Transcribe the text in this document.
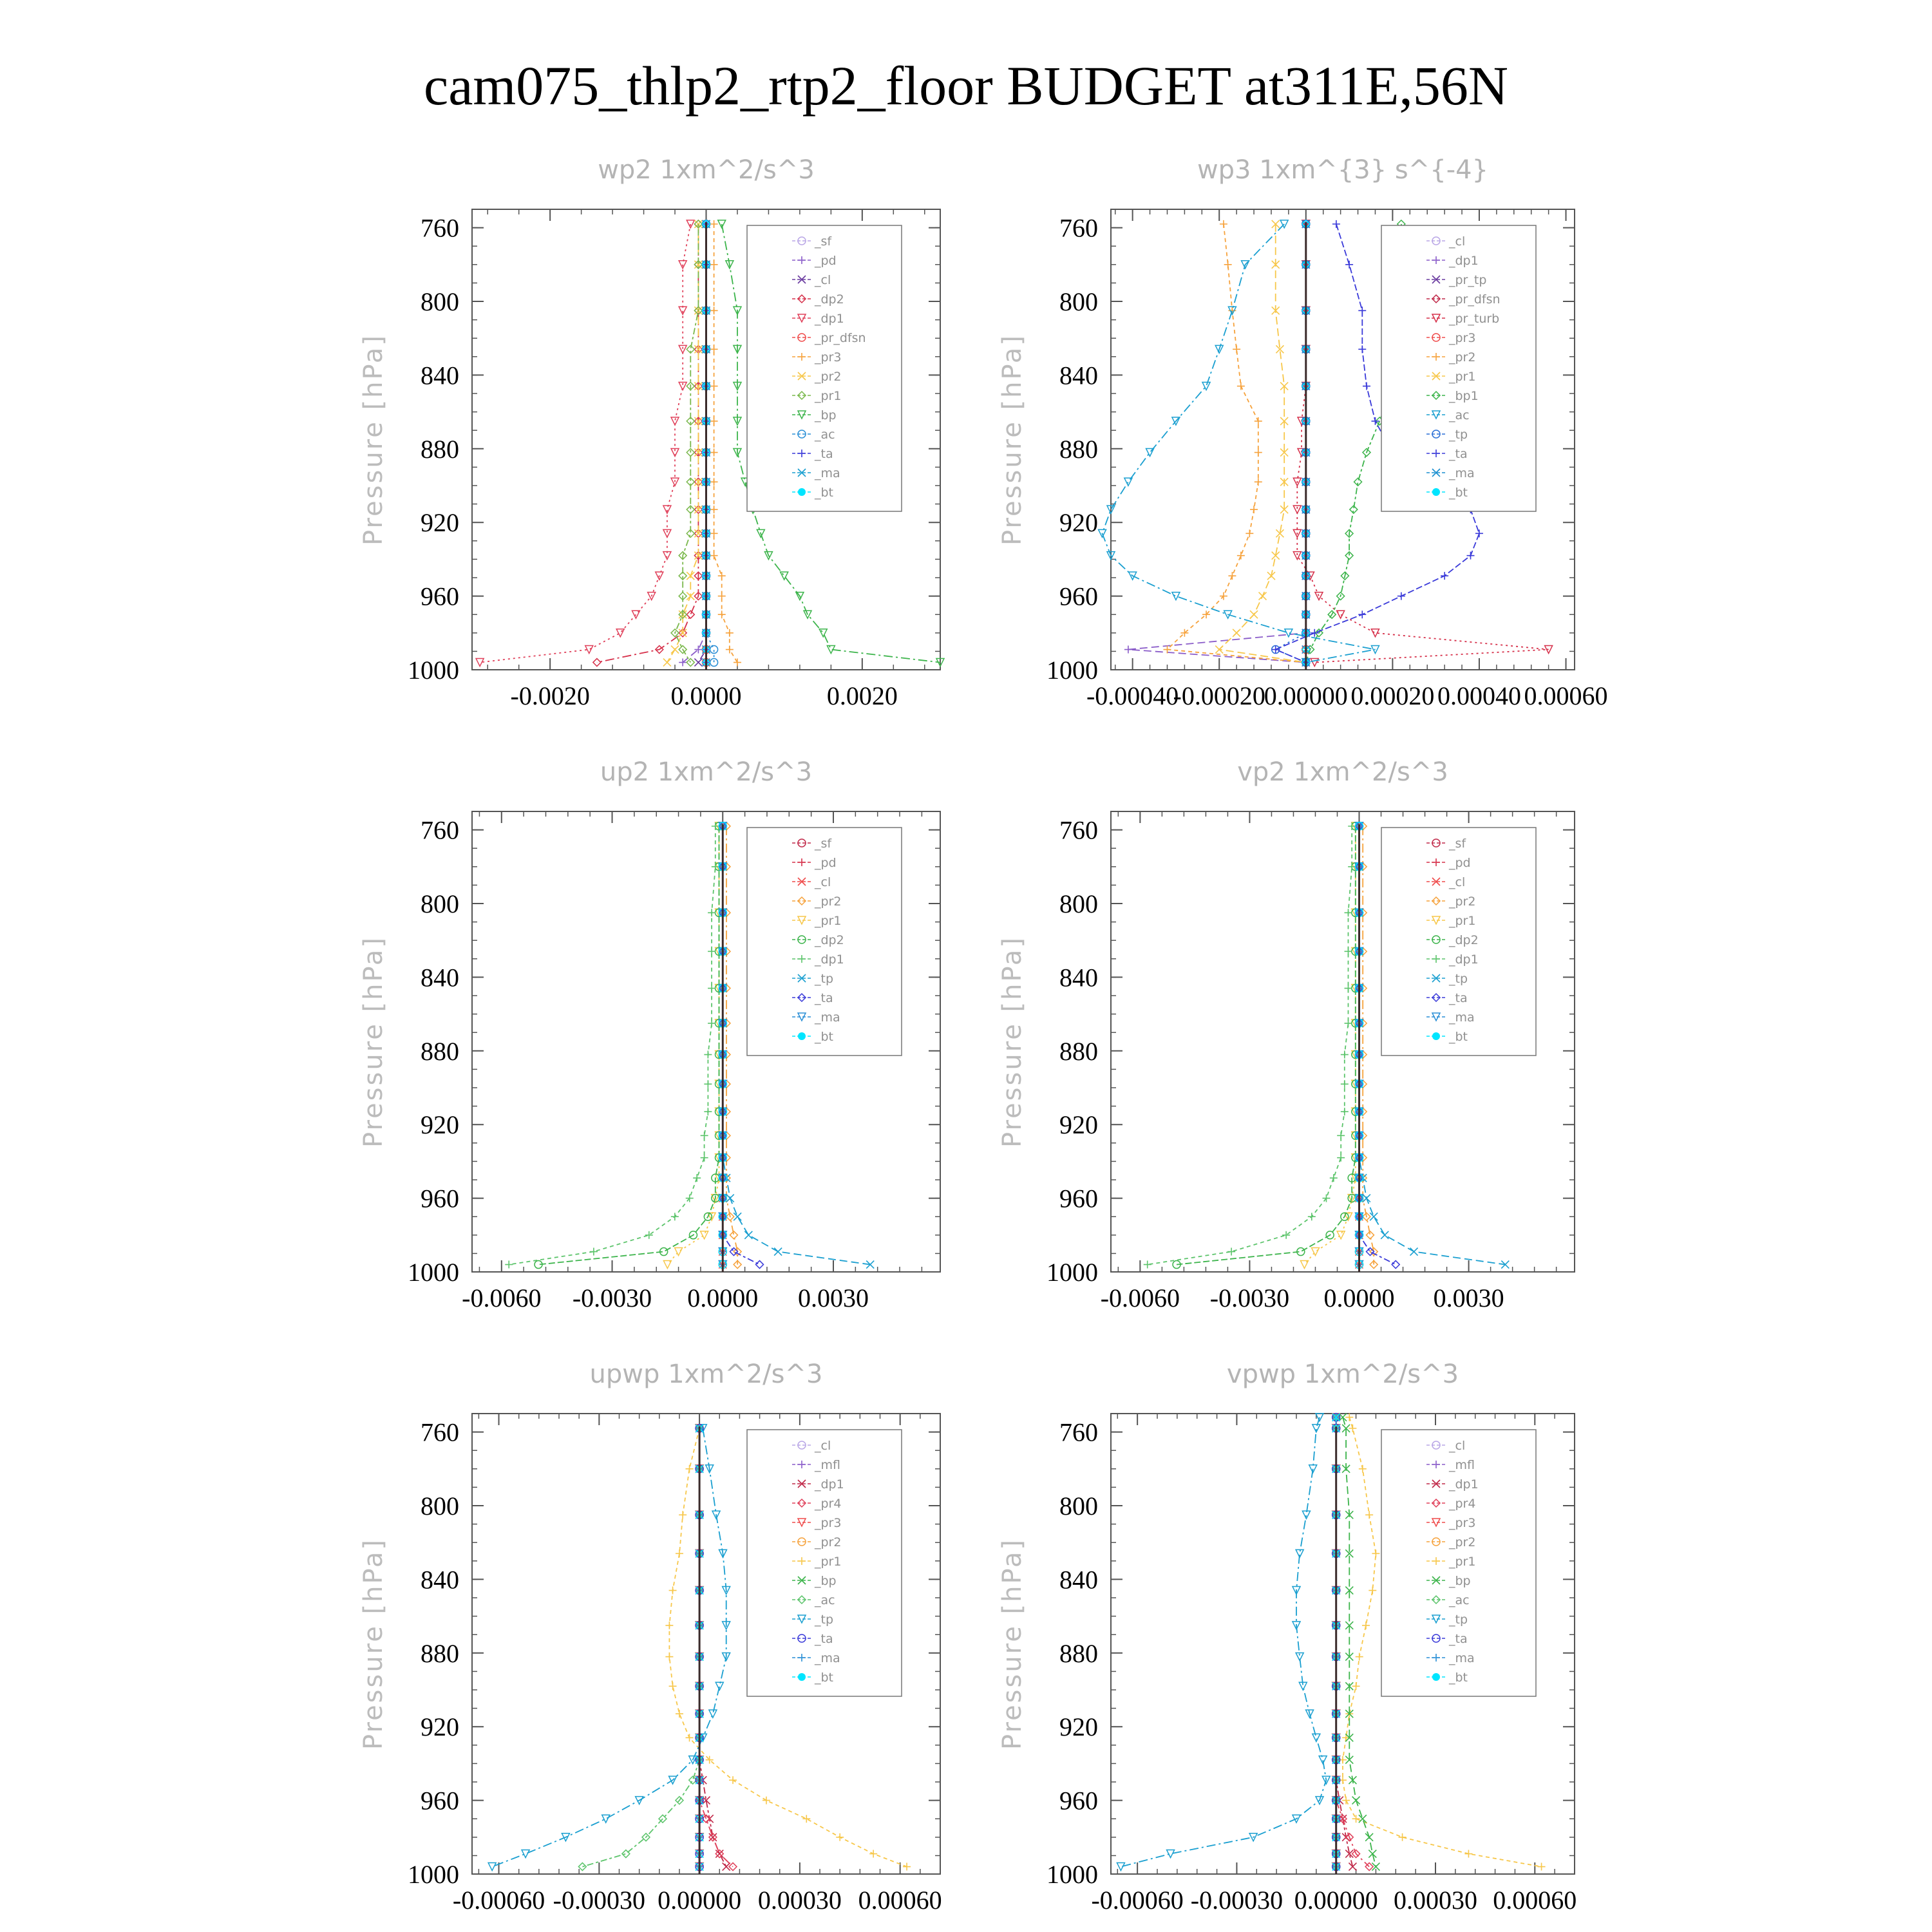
cam075_thlp2_rtp2_floor BUDGET at311E,56N
wp2 1xm^2/s^3
Pressure [hPa]
760
800
840
880
920
960
1000
-0.0020	0.0000	0.0020
_sf
_pd
_cl
_dp2
_dp1
_pr_dfsn
_pr3
_pr2
_pr1
_bp
_ac
_ta
_ma
_bt
wp3 1xm^{3} s^{-4}
Pressure [hPa]
760
800
840
880
920
960
1000
-0.00040
-0.00020
0.00000 0.00020 0.00040 0.00060
_cl
_dp1
_pr_tp
_pr_dfsn
_pr_turb
_pr3
_pr2
_pr1
_bp1
_ac
_tp
_ta
_ma
_bt
up2 1xm^2/s^3
Pressure [hPa]
760
800
840
880
920
960
1000
-0.0060 -0.0030 0.0000 0.0030
_sf
_pd
_cl
_pr2
_pr1
_dp2
_dp1
_tp
_ta
_ma
_bt
vp2 1xm^2/s^3
Pressure [hPa]
760
800
840
880
920
960
1000
-0.0060 -0.0030 0.0000 0.0030
_sf
_pd
_cl
_pr2
_pr1
_dp2
_dp1
_tp
_ta
_ma
_bt
upwp 1xm^2/s^3
Pressure [hPa]
760
800
840
880
920
960
1000
-0.00060 -0.00030 0.00000 0.00030 0.00060
_cl
_mfl
_dp1
_pr4
_pr3
_pr2
_pr1
_bp
_ac
_tp
_ta
_ma
_bt
vpwp 1xm^2/s^3
Pressure [hPa]
760
800
840
880
920
960
1000
-0.00060 -0.00030 0.00000 0.00030 0.00060
_cl
_mfl
_dp1
_pr4
_pr3
_pr2
_pr1
_bp
_ac
_tp
_ta
_ma
_bt
